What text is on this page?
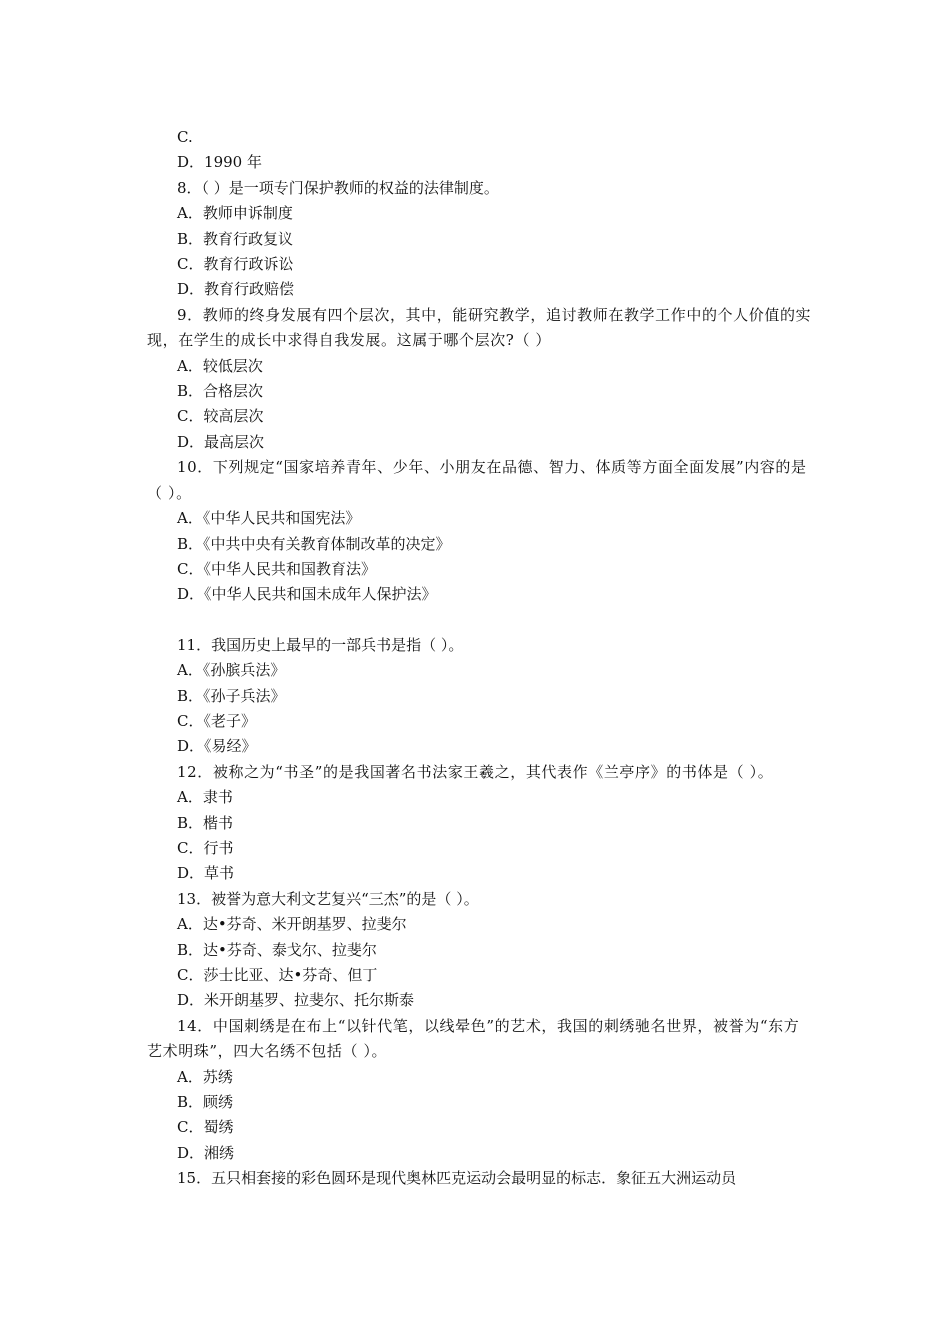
C.

D．1990 年

8．（ ）是一项专门保护教师的权益的法律制度。

A．教师申诉制度

B．教育行政复议

C．教育行政诉讼

D．教育行政赔偿

9．教师的终身发展有四个层次，其中，能研究教学，追讨教师在教学工作中的个人价值的实现，在学生的成长中求得自我发展。这属于哪个层次?（ ）

A．较低层次

B．合格层次

C．较高层次

D．最高层次

10．下列规定“国家培养青年、少年、小朋友在品德、智力、体质等方面全面发展”内容的是（ ）。

A．《中华人民共和国宪法》

B．《中共中央有关教育体制改革的决定》

C．《中华人民共和国教育法》

D．《中华人民共和国未成年人保护法》

11．我国历史上最早的一部兵书是指（ ）。

A．《孙膑兵法》

B．《孙子兵法》

C．《老子》

D．《易经》

12．被称之为“书圣”的是我国著名书法家王羲之，其代表作《兰亭序》的书体是（ ）。

A．隶书

B．楷书

C．行书

D．草书

13．被誉为意大利文艺复兴“三杰”的是（ ）。

A．达•芬奇、米开朗基罗、拉斐尔

B．达•芬奇、泰戈尔、拉斐尔

C．莎士比亚、达•芬奇、但丁

D．米开朗基罗、拉斐尔、托尔斯泰

14．中国刺绣是在布上“以针代笔，以线晕色”的艺术，我国的刺绣驰名世界，被誉为“东方艺术明珠”，四大名绣不包括（ ）。

A．苏绣

B．顾绣

C．蜀绣

D．湘绣

15．五只相套接的彩色圆环是现代奥林匹克运动会最明显的标志．象征五大洲运动员
